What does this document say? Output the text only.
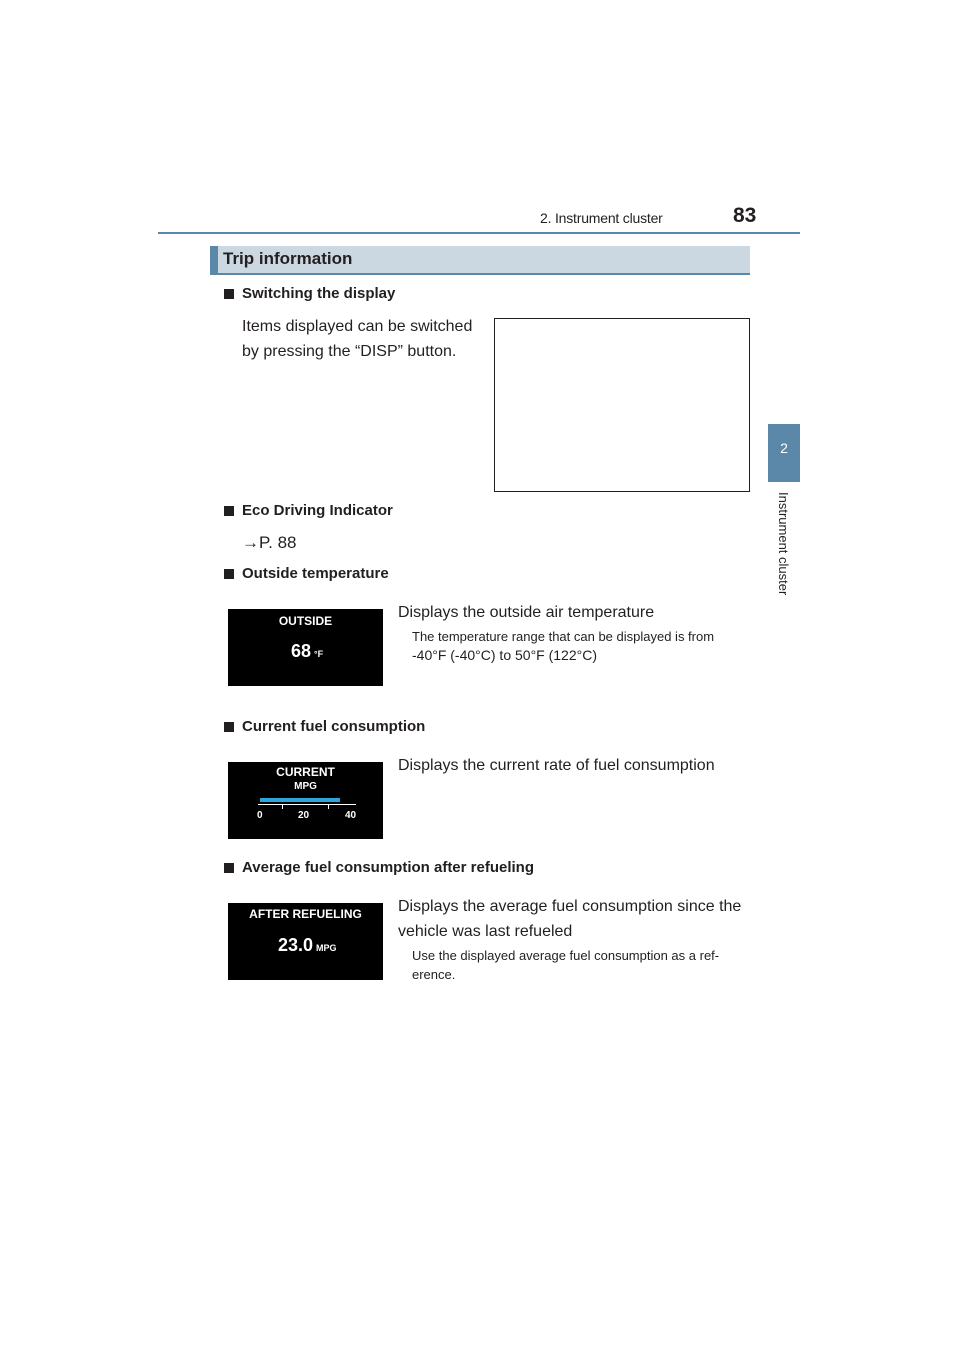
2. Instrument cluster	83
2
Instrument cluster
Trip information
Switching the display
Items displayed can be switched
by pressing the “DISP” button.
Eco Driving Indicator
→P. 88
Outside temperature
OUTSIDE
68 °F
Displays the outside air temperature
The temperature range that can be displayed is from
-40°F (-40°C) to 50°F (122°C)
Current fuel consumption
CURRENT
MPG
0	20	40
Displays the current rate of fuel consumption
Average fuel consumption after refueling
AFTER REFUELING
23.0 MPG
Displays the average fuel consumption since the
vehicle was last refueled
Use the displayed average fuel consumption as a ref-
erence.
